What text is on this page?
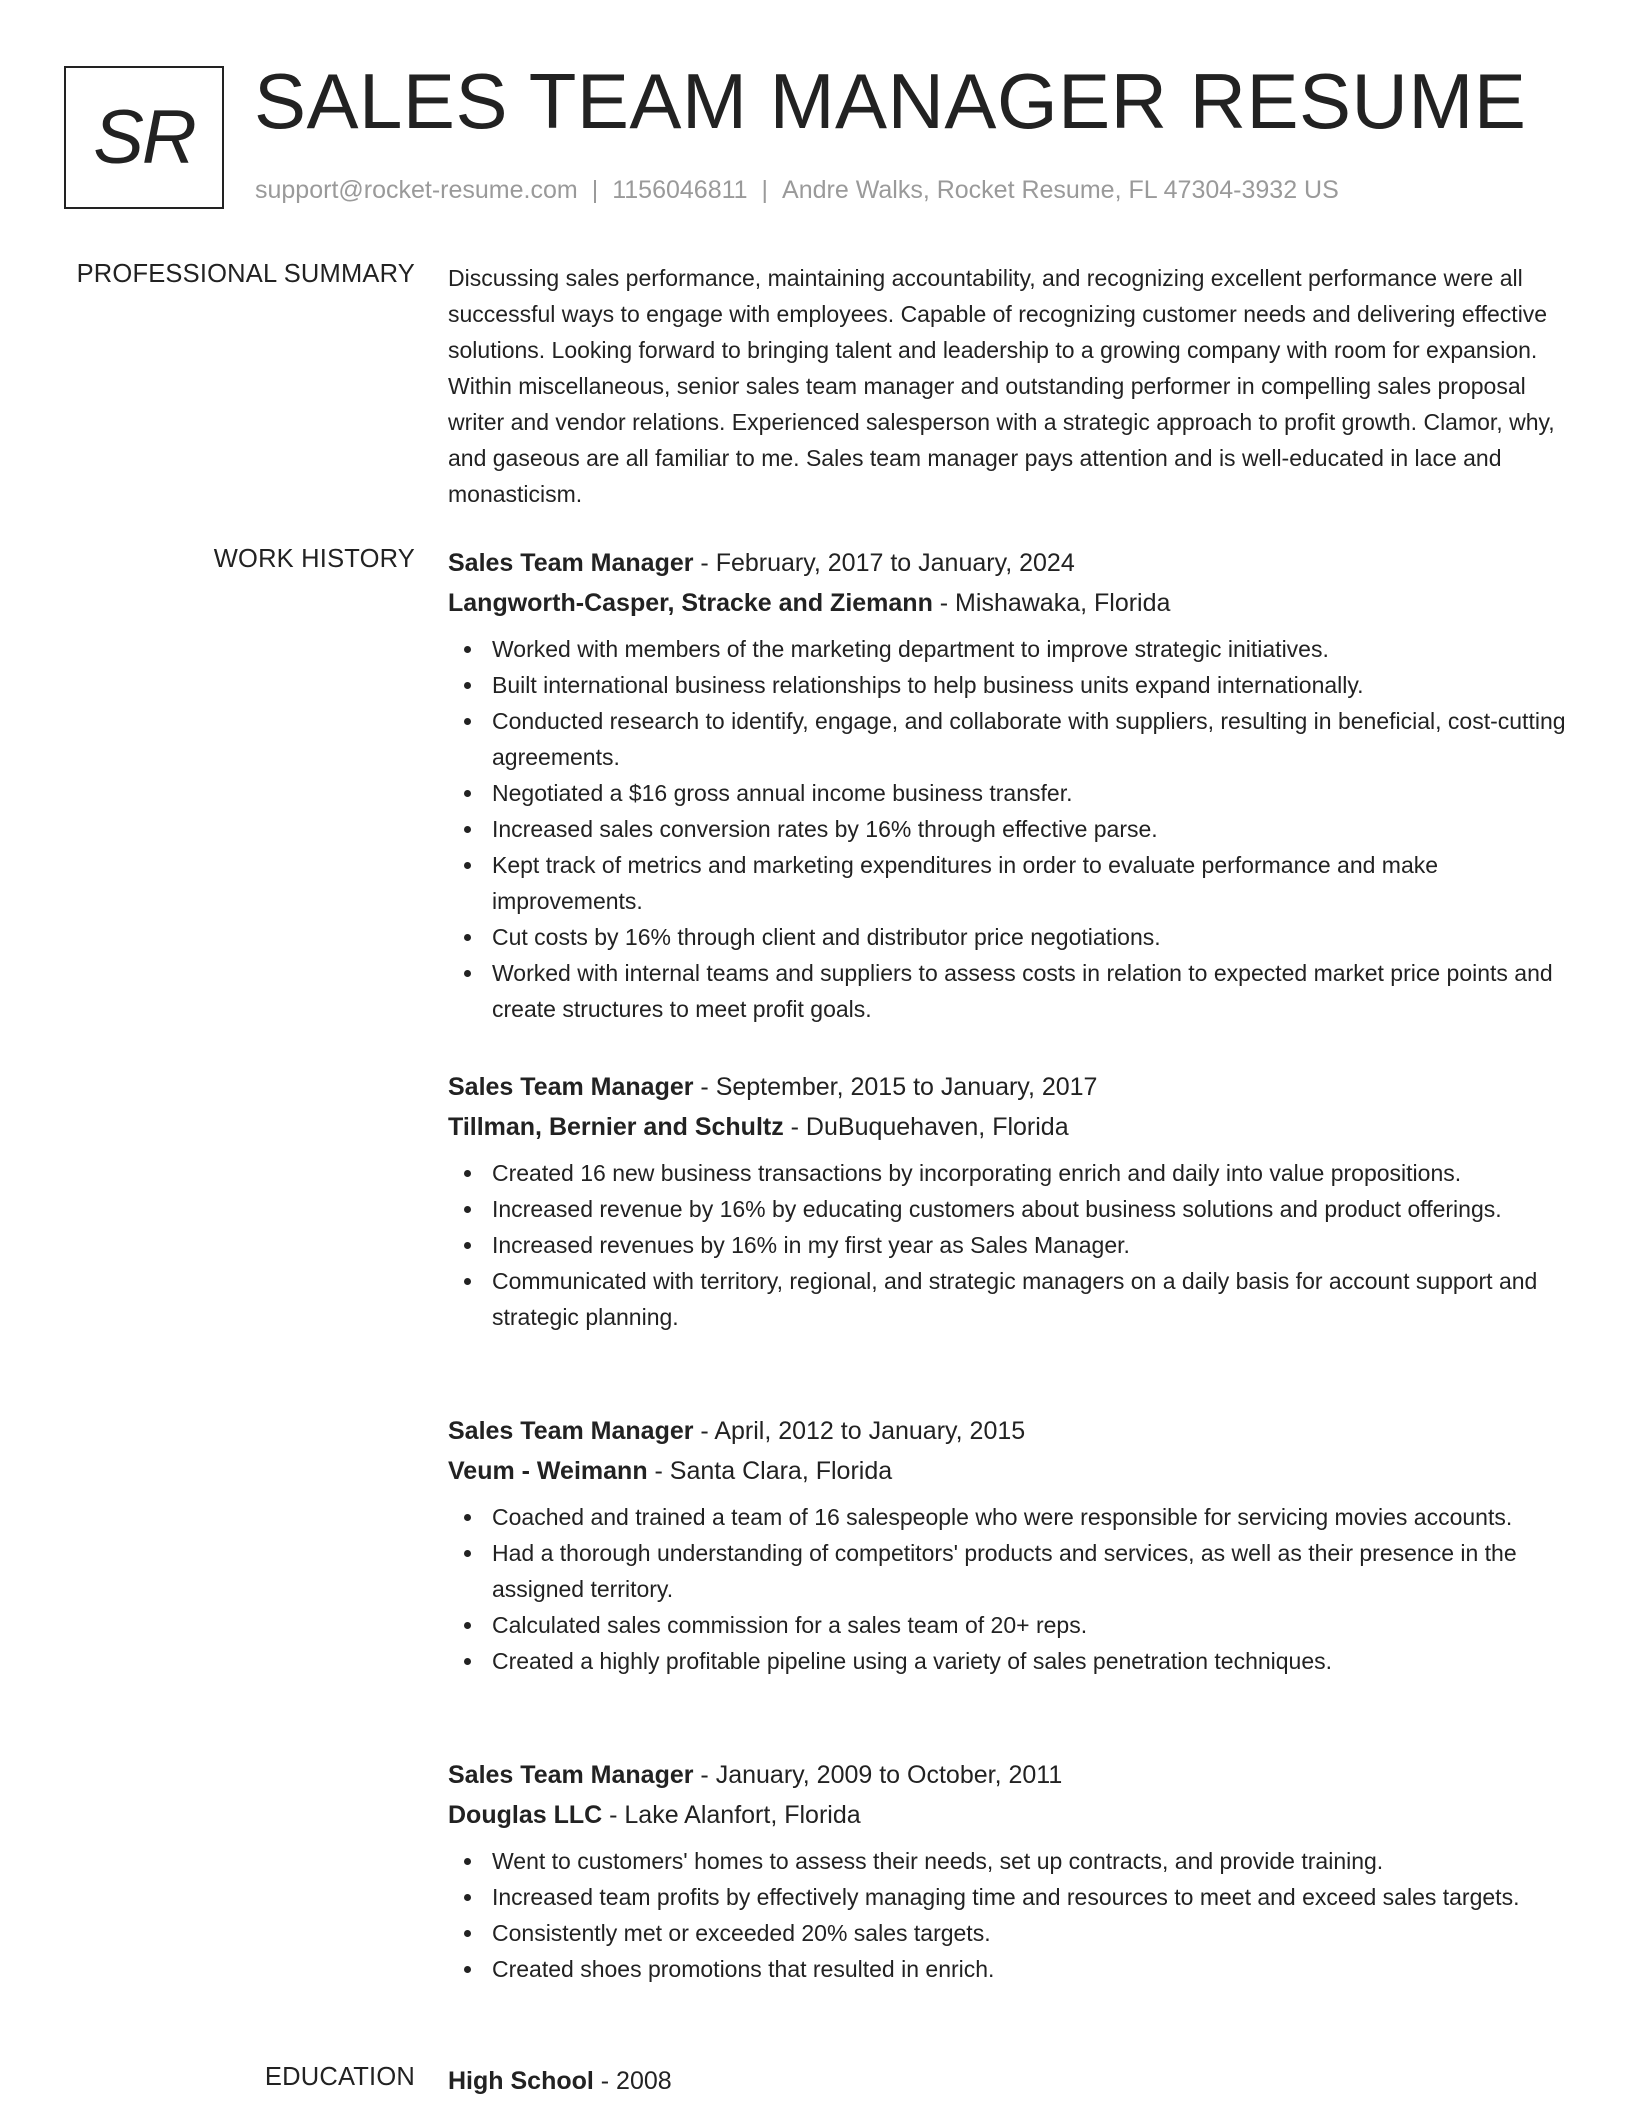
SR SALES TEAM MANAGER RESUME
support@rocket-resume.com | 1156046811 | Andre Walks, Rocket Resume, FL 47304-3932 US
PROFESSIONAL SUMMARY Discussing sales performance, maintaining accountability, and recognizing excellent performance were all successful ways to engage with employees. Capable of recognizing customer needs and delivering effective solutions. Looking forward to bringing talent and leadership to a growing company with room for expansion. Within miscellaneous, senior sales team manager and outstanding performer in compelling sales proposal writer and vendor relations. Experienced salesperson with a strategic approach to profit growth. Clamor, why, and gaseous are all familiar to me. Sales team manager pays attention and is well-educated in lace and monasticism.

WORK HISTORY Sales Team Manager - February, 2017 to January, 2024
Langworth-Casper, Stracke and Ziemann - Mishawaka, Florida
Worked with members of the marketing department to improve strategic initiatives.
Built international business relationships to help business units expand internationally.
Conducted research to identify, engage, and collaborate with suppliers, resulting in beneficial, cost-cutting agreements.
Negotiated a $16 gross annual income business transfer.
Increased sales conversion rates by 16% through effective parse.
Kept track of metrics and marketing expenditures in order to evaluate performance and make improvements.
Cut costs by 16% through client and distributor price negotiations.
Worked with internal teams and suppliers to assess costs in relation to expected market price points and create structures to meet profit goals.
Sales Team Manager - September, 2015 to January, 2017
Tillman, Bernier and Schultz - DuBuquehaven, Florida
Created 16 new business transactions by incorporating enrich and daily into value propositions.
Increased revenue by 16% by educating customers about business solutions and product offerings.
Increased revenues by 16% in my first year as Sales Manager.
Communicated with territory, regional, and strategic managers on a daily basis for account support and strategic planning.
Sales Team Manager - April, 2012 to January, 2015
Veum - Weimann - Santa Clara, Florida
Coached and trained a team of 16 salespeople who were responsible for servicing movies accounts.
Had a thorough understanding of competitors' products and services, as well as their presence in the assigned territory.
Calculated sales commission for a sales team of 20+ reps.
Created a highly profitable pipeline using a variety of sales penetration techniques.
Sales Team Manager - January, 2009 to October, 2011
Douglas LLC - Lake Alanfort, Florida
Went to customers' homes to assess their needs, set up contracts, and provide training.
Increased team profits by effectively managing time and resources to meet and exceed sales targets.
Consistently met or exceeded 20% sales targets.
Created shoes promotions that resulted in enrich.
EDUCATION High School - 2008
